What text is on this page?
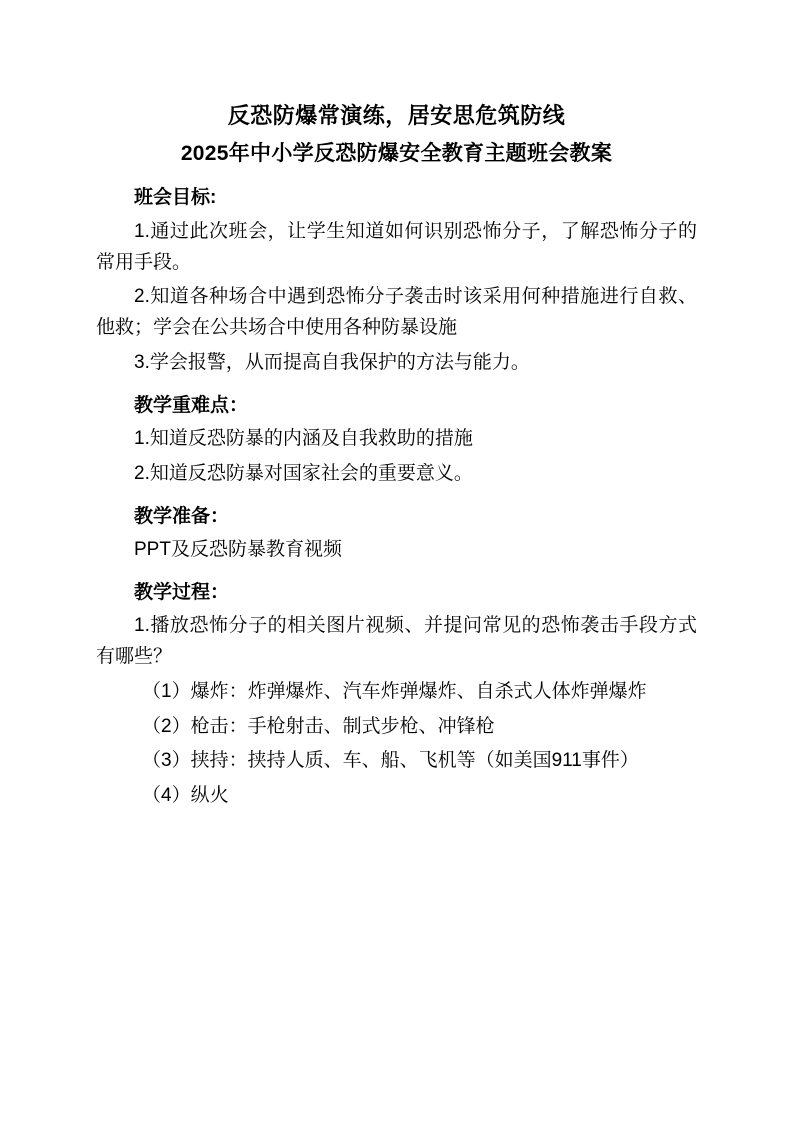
反恐防爆常演练，居安思危筑防线
2025年中小学反恐防爆安全教育主题班会教案

班会目标:

1.通过此次班会，让学生知道如何识别恐怖分子，了解恐怖分子的常用手段。

2.知道各种场合中遇到恐怖分子袭击时该采用何种措施进行自救、他救；学会在公共场合中使用各种防暴设施

3.学会报警，从而提高自我保护的方法与能力。

教学重难点：

1.知道反恐防暴的内涵及自我救助的措施

2.知道反恐防暴对国家社会的重要意义。

教学准备：

PPT及反恐防暴教育视频

教学过程：

1.播放恐怖分子的相关图片视频、并提问常见的恐怖袭击手段方式有哪些？

（1）爆炸：炸弹爆炸、汽车炸弹爆炸、自杀式人体炸弹爆炸

（2）枪击：手枪射击、制式步枪、冲锋枪

（3）挟持：挟持人质、车、船、飞机等（如美国911事件）

（4）纵火
